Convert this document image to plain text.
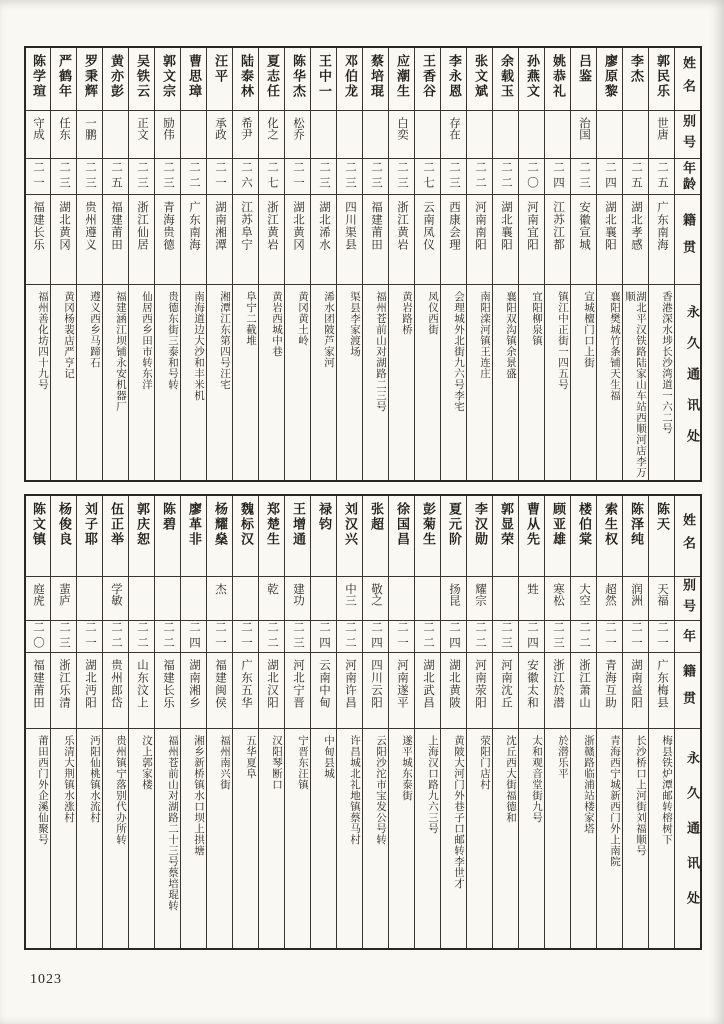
姓名
别号
年龄
籍贯
永久通讯处
郭民乐
世唐
二五
广东南海
香港深水埗长沙湾道一六二号
李杰
二五
湖北孝感
湖北平汉铁路陆家山车站西顺河店李万顺
廖原黎
二四
湖北襄阳
襄阳樊城竹条铺天生福
吕鉴
治国
二三
安徽宣城
宣城檀门口上街
姚恭礼
二四
江苏江都
镇江中正街一四五号
孙燕文
二〇
河南宜阳
宜阳柳泉镇
余载玉
二二
湖北襄阳
襄阳双沟镇余景盛
张文斌
二二
河南南阳
南阳滦河镇王连庄
李永恩
存在
二三
西康会理
会理城外北街九六号李宅
王香谷
二七
云南凤仪
凤仪西街
应潮生
白奕
二三
浙江黄岩
黄岩路桥
蔡培琨
二三
福建莆田
福州苍前山对湖路二三号
邓伯龙
二三
四川渠县
渠县李家渡场
王中一
二三
湖北浠水
浠水团陂芦家河
陈华杰
松乔
二一
湖北黄冈
黄冈黄土岭
夏志任
化之
二七
浙江黄岩
黄岩西城中巷
陆泰林
希尹
二六
江苏阜宁
阜宁二截堆
汪平
承政
二一
湖南湘潭
湘潭江东第四号汪宅
曹思璋
二二
广东南海
南海道边大沙和丰米机
郭文宗
励伟
二三
青海贵德
贵德东街三泰和号转
吴铁云
正文
二三
浙江仙居
仙居西乡田市转东洋
黄亦彭
二五
福建莆田
福建涵江坝铺永安机器厂
罗秉辉
一鹏
二三
贵州遵义
遵义西乡马蹄石
严鹤年
任东
二三
湖北黄冈
黄冈杨裴店严亨记
陈学瑄
守成
二一
福建长乐
福州善化坊四十九号
姓名
别号
年
籍贯
永久通讯处
陈天
天福
二一
广东梅县
梅县铁炉潭邮转榕树下
陈泽纯
润洲
二一
湖南益阳
长沙桥口上河街刘福顺号
索生权
超然
二一
青海互助
青海西宁城新西门外上南院
楼伯棠
大空
二二
浙江萧山
浙赣路临浦站楼家塔
顾亚雄
寒松
二三
浙江於潜
於潜乐平
曹从先
甡
二四
安徽太和
太和观音堂街九号
郭显荣
二三
河南沈丘
沈丘西大街福德和
李汉勋
耀宗
二二
河南荥阳
荥阳门店村
夏元阶
扬昆
二四
湖北黄陂
黄陂大河门外巷子口邮转李世才
彭菊生
二二
湖北武昌
上海汉口路九六三号
徐国昌
二一
河南遂平
遂平城东泰街
张超
敬之
二四
四川云阳
云阳沙沱市宝发公号转
刘汉兴
中三
二二
河南许昌
许昌城北礼地镇蔡马村
禄钧
二四
云南中甸
中甸县城
王增通
建功
二三
河北宁晋
宁晋东汪镇
郑楚生
乾
二二
湖北汉阳
汉阳琴断口
魏标汉
二一
广东五华
五华夏阜
杨耀燊
杰
二一
福建闽侯
福州南兴街
廖革非
二四
湖南湘乡
湘乡新桥镇水口坝上拱塘
陈碧
二二
福建长乐
福州苍前山对湖路二十三号蔡培琨转
郭庆恕
二二
山东汶上
汶上郭家楼
伍正举
学敏
二二
贵州郎岱
贵州镇宁落别代办所转
刘子耶
二一
湖北沔阳
沔阳仙桃镇水流村
杨俊良
蜚庐
二三
浙江乐清
乐清大荆镇水涨村
陈文镇
庭虎
二〇
福建莆田
莆田西门外企溪仙聚号
1023
